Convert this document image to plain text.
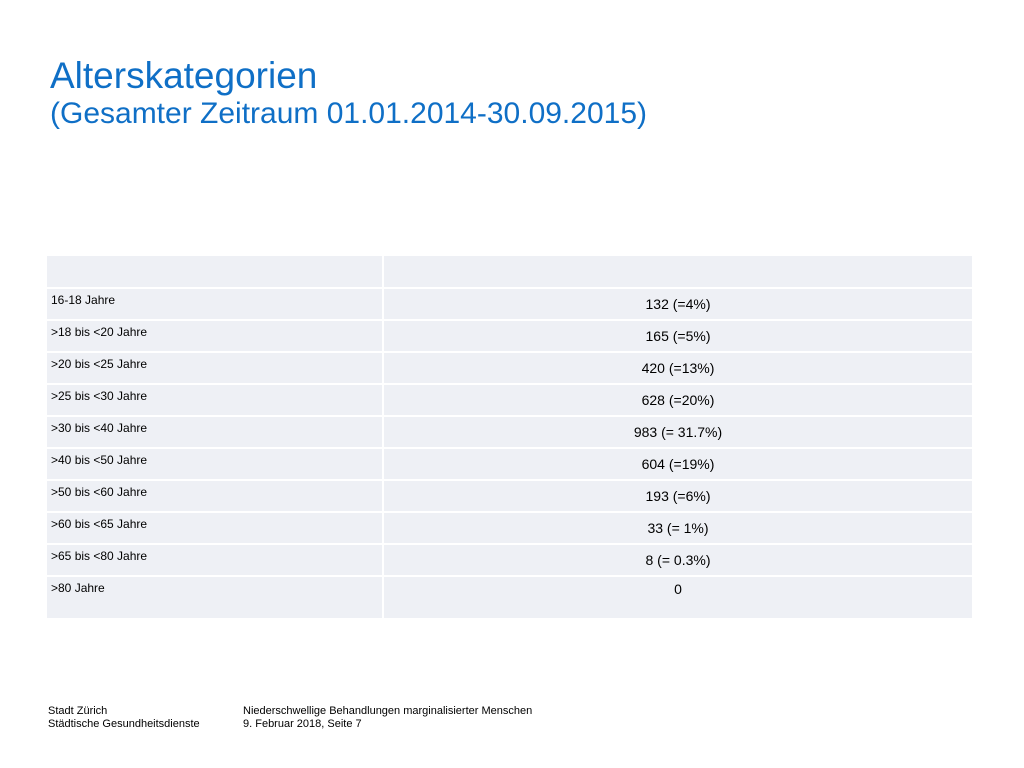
Alterskategorien
(Gesamter Zeitraum 01.01.2014-30.09.2015)

16-18 Jahre	132 (=4%)
>18 bis <20 Jahre	165 (=5%)
>20 bis <25 Jahre	420 (=13%)
>25 bis <30 Jahre	628 (=20%)
>30 bis <40 Jahre	983 (= 31.7%)
>40 bis <50 Jahre	604 (=19%)
>50 bis <60 Jahre	193 (=6%)
>60 bis <65 Jahre	33 (= 1%)
>65 bis <80 Jahre	8 (= 0.3%)
>80 Jahre	0
Stadt Zürich
Städtische Gesundheitsdienste
Niederschwellige Behandlungen marginalisierter Menschen
9. Februar 2018, Seite 7
